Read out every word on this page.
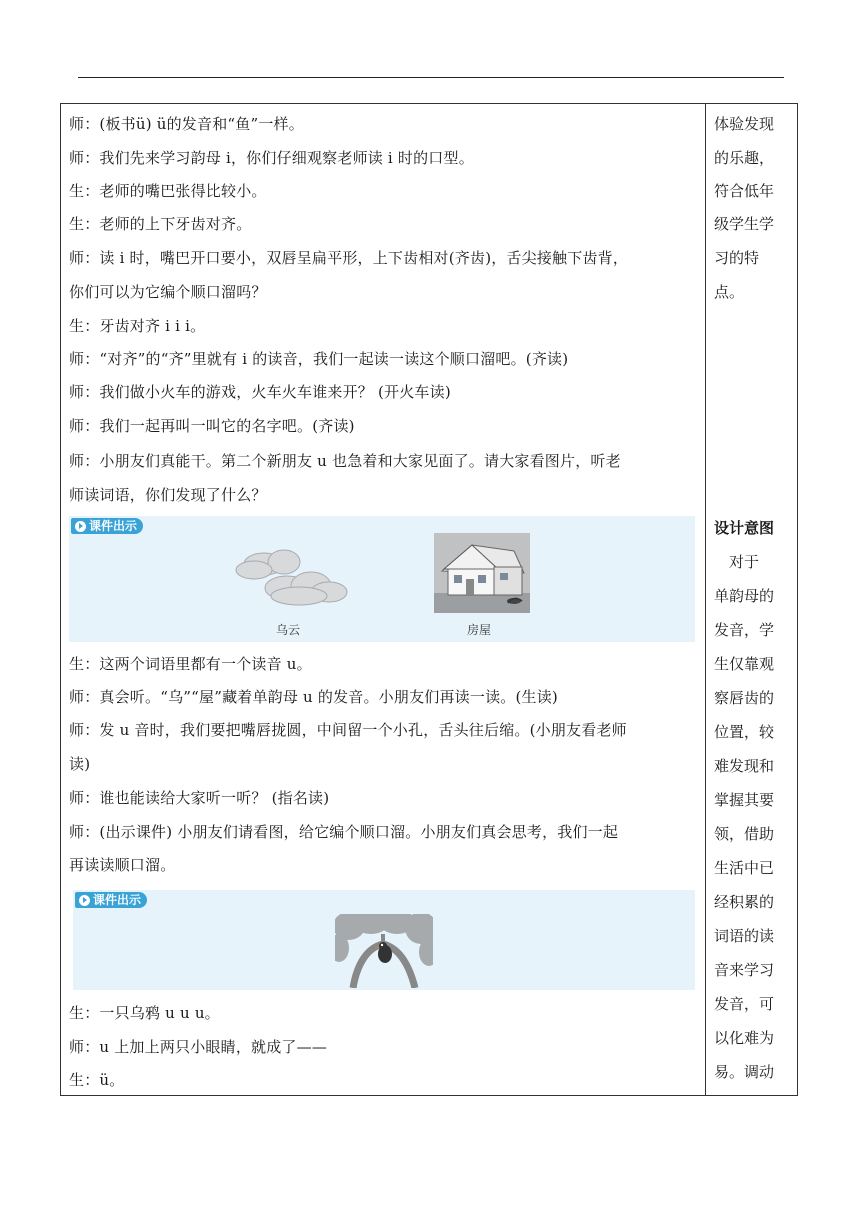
师：(板书ü) ü的发音和“鱼”一样。
师：我们先来学习韵母 i，你们仔细观察老师读 i 时的口型。
生：老师的嘴巴张得比较小。
生：老师的上下牙齿对齐。
师：读 i 时，嘴巴开口要小，双唇呈扁平形，上下齿相对(齐齿)，舌尖接触下齿背，
你们可以为它编个顺口溜吗？
生：牙齿对齐 i i i。
师：“对齐”的“齐”里就有 i 的读音，我们一起读一读这个顺口溜吧。(齐读)
师：我们做小火车的游戏，火车火车谁来开？ (开火车读)
师：我们一起再叫一叫它的名字吧。(齐读)
师：小朋友们真能干。第二个新朋友 u 也急着和大家见面了。请大家看图片，听老
师读词语，你们发现了什么？
课件出示
乌云	房屋
生：这两个词语里都有一个读音 u。
师：真会听。“乌”“屋”藏着单韵母 u 的发音。小朋友们再读一读。(生读)
师：发 u 音时，我们要把嘴唇拢圆，中间留一个小孔，舌头往后缩。(小朋友看老师
读)
师：谁也能读给大家听一听？ (指名读)
师：(出示课件) 小朋友们请看图，给它编个顺口溜。小朋友们真会思考，我们一起
再读读顺口溜。
课件出示
生：一只乌鸦 u u u。
师：u 上加上两只小眼睛，就成了——
生：ü。
体验发现
的乐趣，
符合低年
级学生学
习的特
点。
设计意图
　对于
单韵母的
发音，学
生仅靠观
察唇齿的
位置，较
难发现和
掌握其要
领，借助
生活中已
经积累的
词语的读
音来学习
发音，可
以化难为
易。调动
